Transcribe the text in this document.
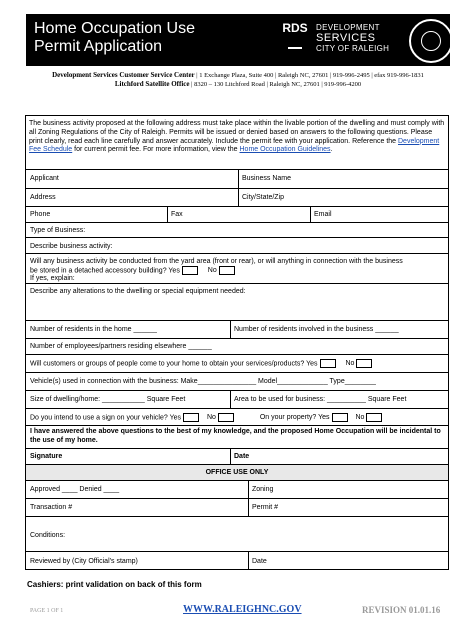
Home Occupation Use
Permit Application
RDS DEVELOPMENT
SERVICES
CITY OF RALEIGH
Development Services Customer Service Center | 1 Exchange Plaza, Suite 400 | Raleigh NC, 27601 | 919-996-2495 | efax 919-996-1831
Litchford Satellite Office | 8320 – 130 Litchford Road | Raleigh NC, 27601 | 919-996-4200
The business activity proposed at the following address must take place within the livable portion of the dwelling and must comply with all Zoning Regulations of the City of Raleigh. Permits will be issued or denied based on answers to the following questions. Please print clearly, read each line carefully and answer accurately. Include the permit fee with your application. Reference the Development Fee Schedule for current permit fee. For more information, view the Home Occupation Guidelines.
Applicant	Business Name
Address	City/State/Zip
Phone	Fax	Email
Type of Business:
Describe business activity:
Will any business activity be conducted from the yard area (front or rear), or will anything in connection with the business
be stored in a detached accessory building? Yes	No
If yes, explain:
Describe any alterations to the dwelling or special equipment needed:
Number of residents in the home ______	Number of residents involved in the business ______
Number of employees/partners residing elsewhere ______
Will customers or groups of people come to your home to obtain your services/products? Yes	No
Vehicle(s) used in connection with the business: Make_______________ Model_____________ Type________
Size of dwelling/home: ___________ Square Feet	Area to be used for business: __________ Square Feet
Do you intend to use a sign on your vehicle? Yes	No	On your property? Yes	No
I have answered the above questions to the best of my knowledge, and the proposed Home Occupation will be incidental to the use of my home.
Signature	Date
OFFICE USE ONLY
Approved ____ Denied ____	Zoning
Transaction #	Permit #
Conditions:
Reviewed by (City Official’s stamp)	Date
Cashiers: print validation on back of this form
PAGE 1 OF 1	WWW.RALEIGHNC.GOV	REVISION 01.01.16
